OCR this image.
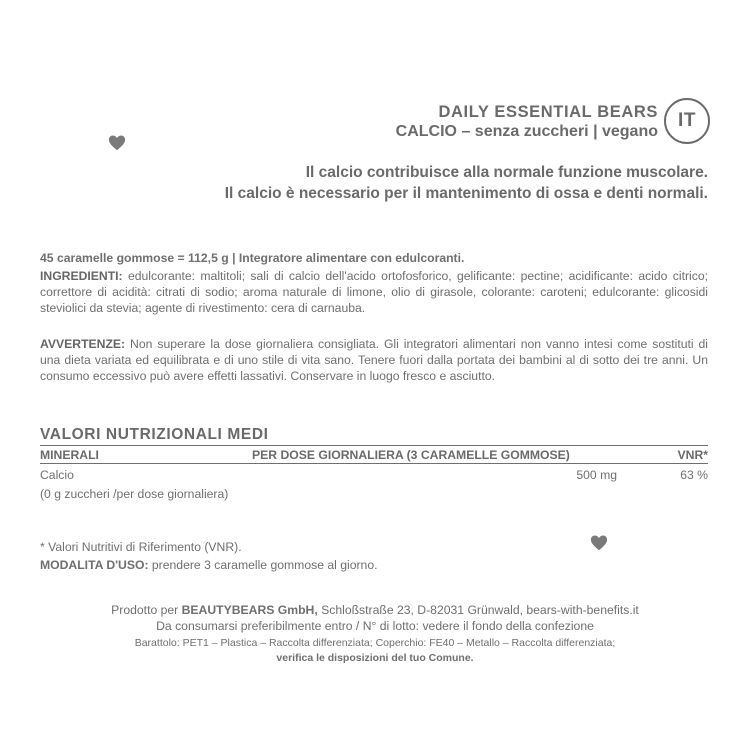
DAILY ESSENTIAL BEARS
CALCIO – senza zuccheri | vegano
IT
Il calcio contribuisce alla normale funzione muscolare.
Il calcio è necessario per il mantenimento di ossa e denti normali.
45 caramelle gommose = 112,5 g | Integratore alimentare con edulcoranti.
INGREDIENTI: edulcorante: maltitoli; sali di calcio dell'acido ortofosforico, gelificante: pectine; acidificante: acido citrico; correttore di acidità: citrati di sodio; aroma naturale di limone, olio di girasole, colorante: caroteni; edulcorante: glicosidi steviolici da stevia; agente di rivestimento: cera di carnauba.
AVVERTENZE: Non superare la dose giornaliera consigliata. Gli integratori alimentari non vanno intesi come sostituti di una dieta variata ed equilibrata e di uno stile di vita sano. Tenere fuori dalla portata dei bambini al di sotto dei tre anni. Un consumo eccessivo può avere effetti lassativi. Conservare in luogo fresco e asciutto.
VALORI NUTRIZIONALI MEDI
MINERALI	PER DOSE GIORNALIERA (3 CARAMELLE GOMMOSE)	VNR*
Calcio	500 mg	63 %
(0 g zuccheri /per dose giornaliera)
* Valori Nutritivi di Riferimento (VNR).
MODALITA D'USO: prendere 3 caramelle gommose al giorno.
Prodotto per BEAUTYBEARS GmbH, Schloßstraße 23, D-82031 Grünwald, bears-with-benefits.it
Da consumarsi preferibilmente entro / N° di lotto: vedere il fondo della confezione
Barattolo: PET1 – Plastica – Raccolta differenziata; Coperchio: FE40 – Metallo – Raccolta differenziata;
verifica le disposizioni del tuo Comune.
